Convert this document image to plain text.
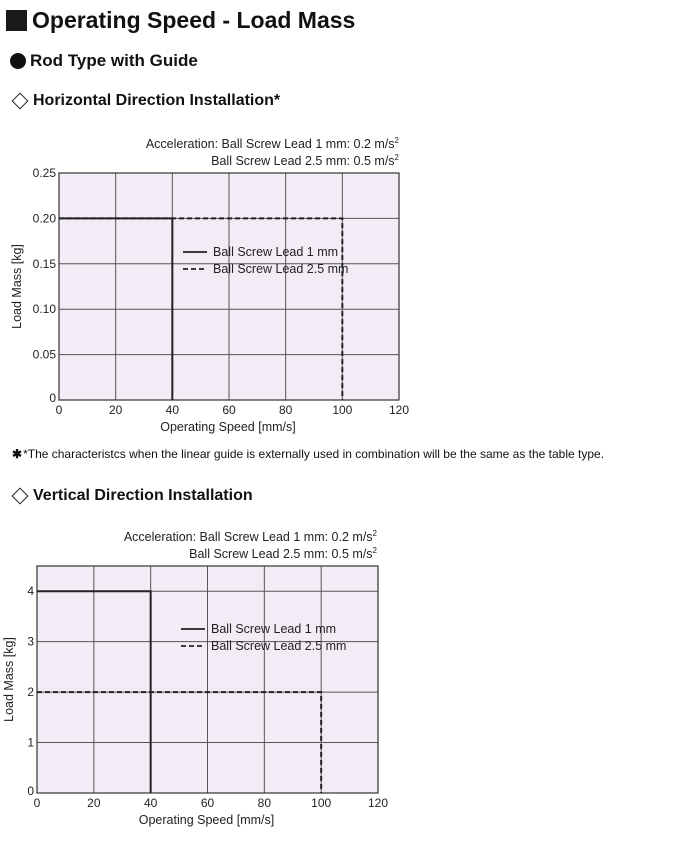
Operating Speed - Load Mass
Rod Type with Guide
Horizontal Direction Installation*
0	20	40	60	80	100	120
0
0.05
0.10
0.15
0.20
0.25
Operating Speed [mm/s]
Load Mass [kg]
Acceleration: Ball Screw Lead 1 mm: 0.2 $m/s^2$
Ball Screw Lead 2.5 mm: 0.5 $m/s^2$
Ball Screw Lead 1 mm
Ball Screw Lead 2.5 mm
✱*The characteristcs when the linear guide is externally used in combination will be the same as the table type.
Vertical Direction Installation
0	20	40	60	80	100	120
0
1
2
3
4
Operating Speed [mm/s]
Load Mass [kg]
Acceleration: Ball Screw Lead 1 mm: 0.2 $m/s^2$
Ball Screw Lead 2.5 mm: 0.5 $m/s^2$
Ball Screw Lead 1 mm
Ball Screw Lead 2.5 mm
